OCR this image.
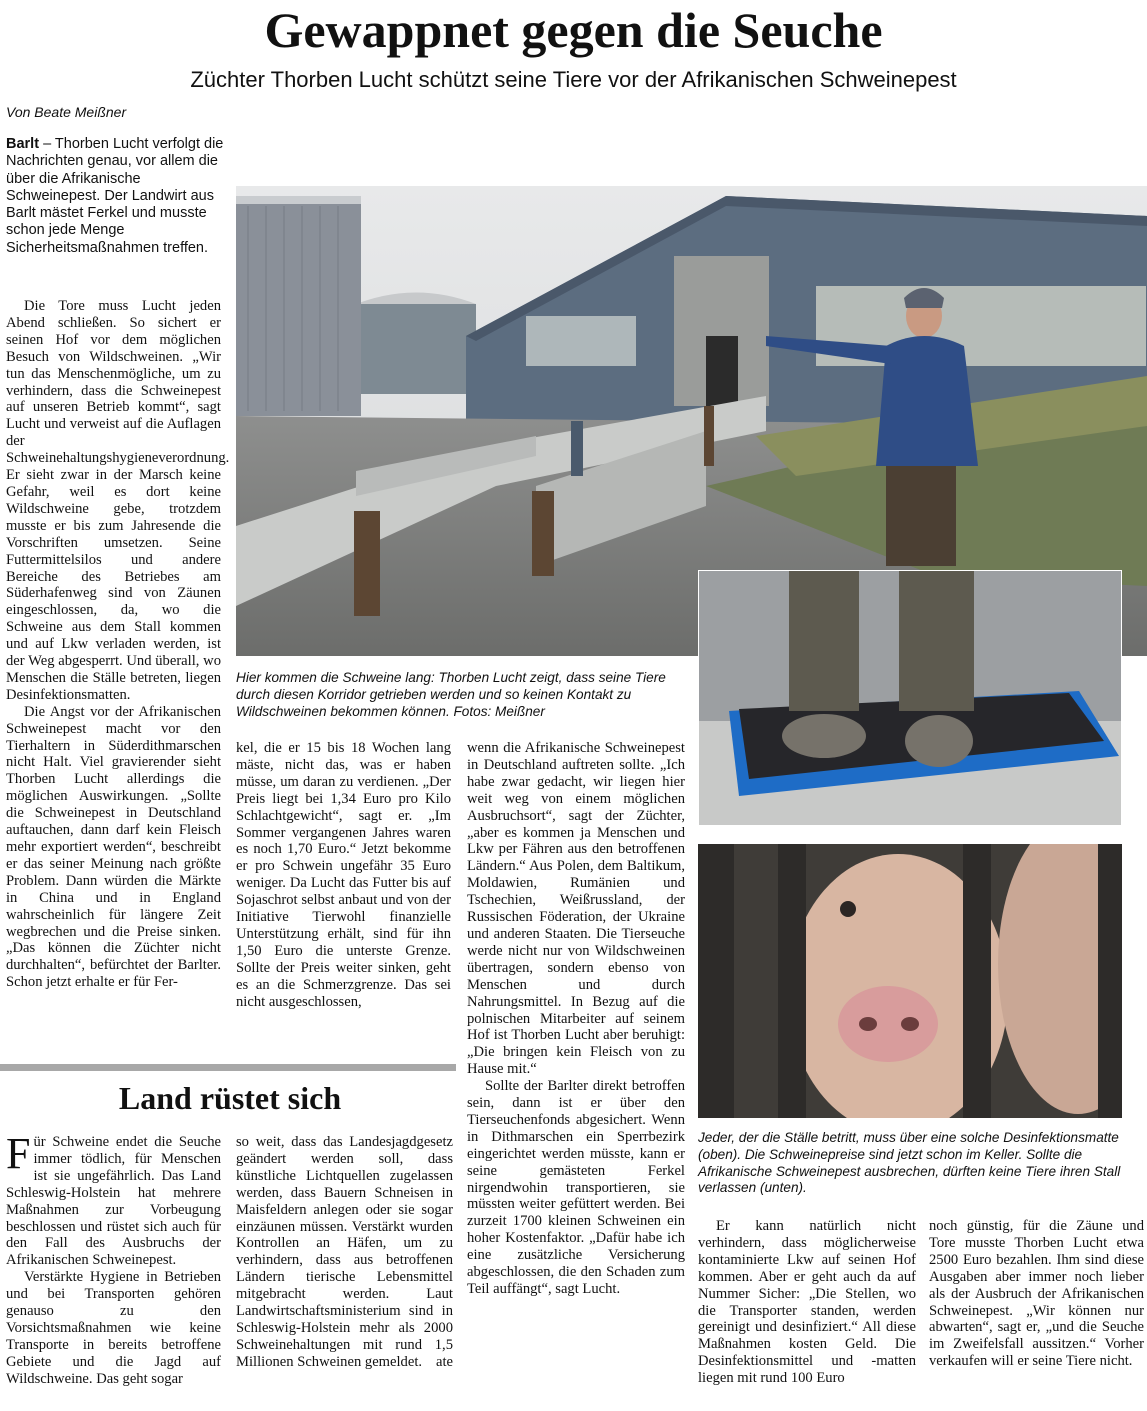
Gewappnet gegen die Seuche
Züchter Thorben Lucht schützt seine Tiere vor der Afrikanischen Schweinepest
Von Beate Meißner
Barlt – Thorben Lucht verfolgt die Nachrichten genau, vor allem die über die Afrikanische Schweinepest. Der Landwirt aus Barlt mästet Ferkel und musste schon jede Menge Sicherheitsmaßnahmen treffen.
Hier kommen die Schweine lang: Thorben Lucht zeigt, dass seine Tiere durch diesen Korridor getrieben werden und so keinen Kontakt zu Wildschweinen bekommen können. Fotos: Meißner
Jeder, der die Ställe betritt, muss über eine solche Desinfektionsmatte (oben). Die Schweinepreise sind jetzt schon im Keller. Sollte die Afrikanische Schweinepest ausbrechen, dürften keine Tiere ihren Stall verlassen (unten).

Die Tore muss Lucht jeden Abend schließen. So sichert er seinen Hof vor dem möglichen Besuch von Wildschweinen. „Wir tun das Menschenmögliche, um zu verhindern, dass die Schweinepest auf unseren Betrieb kommt“, sagt Lucht und verweist auf die Auflagen der Schweinehaltungshygieneverordnung. Er sieht zwar in der Marsch keine Gefahr, weil es dort keine Wildschweine gebe, trotzdem musste er bis zum Jahresende die Vorschriften umsetzen. Seine Futtermittelsilos und andere Bereiche des Betriebes am Süderhafenweg sind von Zäunen eingeschlossen, da, wo die Schweine aus dem Stall kommen und auf Lkw verladen werden, ist der Weg abgesperrt. Und überall, wo Menschen die Ställe betreten, liegen Desinfektionsmatten.

Die Angst vor der Afrikanischen Schweinepest macht vor den Tierhaltern in Süderdithmarschen nicht Halt. Viel gravierender sieht Thorben Lucht allerdings die möglichen Auswirkungen. „Sollte die Schweinepest in Deutschland auftauchen, dann darf kein Fleisch mehr exportiert werden“, beschreibt er das seiner Meinung nach größte Problem. Dann würden die Märkte in China und in England wahrscheinlich für längere Zeit wegbrechen und die Preise sinken. „Das können die Züchter nicht durchhalten“, befürchtet der Barlter. Schon jetzt erhalte er für Fer-

kel, die er 15 bis 18 Wochen lang mäste, nicht das, was er haben müsse, um daran zu verdienen. „Der Preis liegt bei 1,34 Euro pro Kilo Schlachtgewicht“, sagt er. „Im Sommer vergangenen Jahres waren es noch 1,70 Euro.“ Jetzt bekomme er pro Schwein ungefähr 35 Euro weniger. Da Lucht das Futter bis auf Sojaschrot selbst anbaut und von der Initiative Tierwohl finanzielle Unterstützung erhält, sind für ihn 1,50 Euro die unterste Grenze. Sollte der Preis weiter sinken, geht es an die Schmerzgrenze. Das sei nicht ausgeschlossen,

wenn die Afrikanische Schweinepest in Deutschland auftreten sollte. „Ich habe zwar gedacht, wir liegen hier weit weg von einem möglichen Ausbruchsort“, sagt der Züchter, „aber es kommen ja Menschen und Lkw per Fähren aus den betroffenen Ländern.“ Aus Polen, dem Baltikum, Moldawien, Rumänien und Tschechien, Weißrussland, der Russischen Föderation, der Ukraine und anderen Staaten. Die Tierseuche werde nicht nur von Wildschweinen übertragen, sondern ebenso von Menschen und durch Nahrungsmittel. In Bezug auf die polnischen Mitarbeiter auf seinem Hof ist Thorben Lucht aber beruhigt: „Die bringen kein Fleisch von zu Hause mit.“

Sollte der Barlter direkt betroffen sein, dann ist er über den Tierseuchenfonds abgesichert. Wenn in Dithmarschen ein Sperrbezirk eingerichtet werden müsste, kann er seine gemästeten Ferkel nirgendwohin transportieren, sie müssten weiter gefüttert werden. Bei zurzeit 1700 kleinen Schweinen ein hoher Kostenfaktor. „Dafür habe ich eine zusätzliche Versicherung abgeschlossen, die den Schaden zum Teil auffängt“, sagt Lucht.

Er kann natürlich nicht verhindern, dass möglicherweise kontaminierte Lkw auf seinen Hof kommen. Aber er geht auch da auf Nummer Sicher: „Die Stellen, wo die Transporter standen, werden gereinigt und desinfiziert.“ All diese Maßnahmen kosten Geld. Die Desinfektionsmittel und -matten liegen mit rund 100 Euro

noch günstig, für die Zäune und Tore musste Thorben Lucht etwa 2500 Euro bezahlen. Ihm sind diese Ausgaben aber immer noch lieber als der Ausbruch der Afrikanischen Schweinepest. „Wir können nur abwarten“, sagt er, „und die Seuche im Zweifelsfall aussitzen.“ Vorher verkaufen will er seine Tiere nicht.

Land rüstet sich

Für Schweine endet die Seuche immer tödlich, für Menschen ist sie ungefährlich. Das Land Schleswig-Holstein hat mehrere Maßnahmen zur Vorbeugung beschlossen und rüstet sich auch für den Fall des Ausbruchs der Afrikanischen Schweinepest.

Verstärkte Hygiene in Betrieben und bei Transporten gehören genauso zu den Vorsichtsmaßnahmen wie keine Transporte in bereits betroffene Gebiete und die Jagd auf Wildschweine. Das geht sogar

so weit, dass das Landesjagdgesetz geändert werden soll, dass künstliche Lichtquellen zugelassen werden, dass Bauern Schneisen in Maisfeldern anlegen oder sie sogar einzäunen müssen. Verstärkt wurden Kontrollen an Häfen, um zu verhindern, dass aus betroffenen Ländern tierische Lebensmittel mitgebracht werden. Laut Landwirtschaftsministerium sind in Schleswig-Holstein mehr als 2000 Schweinehaltungen mit rund 1,5 Millionen Schweinen gemeldet. ate
